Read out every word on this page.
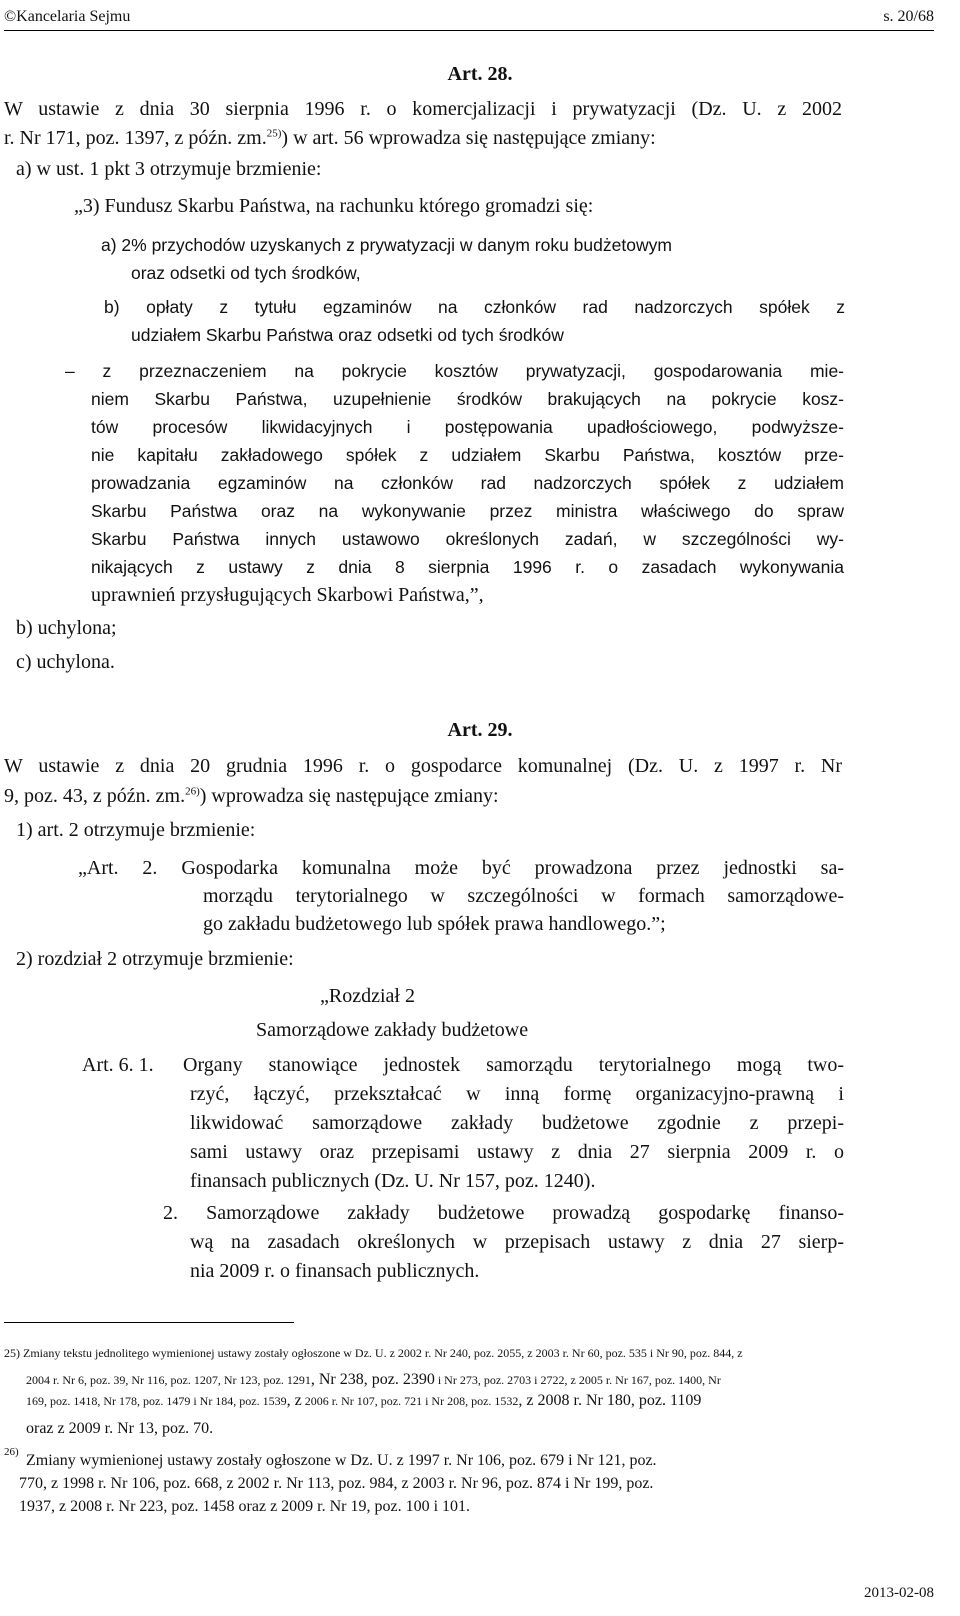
©Kancelaria Sejmu	s. 20/68
Art. 28.
W ustawie z dnia 30 sierpnia 1996 r. o komercjalizacji i prywatyzacji (Dz. U. z 2002
r. Nr 171, poz. 1397, z późn. zm.$^{25)}$) w art. 56 wprowadza się następujące zmiany:
a) w ust. 1 pkt 3 otrzymuje brzmienie:
„3) Fundusz Skarbu Państwa, na rachunku którego gromadzi się:
a) 2% przychodów uzyskanych z prywatyzacji w danym roku budżetowym
oraz odsetki od tych środków,
b) opłaty z tytułu egzaminów na członków rad nadzorczych spółek z
udziałem Skarbu Państwa oraz odsetki od tych środków
– z przeznaczeniem na pokrycie kosztów prywatyzacji, gospodarowania mie-
niem Skarbu Państwa, uzupełnienie środków brakujących na pokrycie kosz-
tów procesów likwidacyjnych i postępowania upadłościowego, podwyższe-
nie kapitału zakładowego spółek z udziałem Skarbu Państwa, kosztów prze-
prowadzania egzaminów na członków rad nadzorczych spółek z udziałem
Skarbu Państwa oraz na wykonywanie przez ministra właściwego do spraw
Skarbu Państwa innych ustawowo określonych zadań, w szczególności wy-
nikających z ustawy z dnia 8 sierpnia 1996 r. o zasadach wykonywania
uprawnień przysługujących Skarbowi Państwa,”,
b) uchylona;
c) uchylona.
Art. 29.
W ustawie z dnia 20 grudnia 1996 r. o gospodarce komunalnej (Dz. U. z 1997 r. Nr
9, poz. 43, z późn. zm.$^{26)}$) wprowadza się następujące zmiany:
1) art. 2 otrzymuje brzmienie:
„Art. 2. Gospodarka komunalna może być prowadzona przez jednostki sa-
morządu terytorialnego w szczególności w formach samorządowe-
go zakładu budżetowego lub spółek prawa handlowego.”;
2) rozdział 2 otrzymuje brzmienie:
„Rozdział 2
Samorządowe zakłady budżetowe
Art. 6. 1. Organy stanowiące jednostek samorządu terytorialnego mogą two-
rzyć, łączyć, przekształcać w inną formę organizacyjno-prawną i
likwidować samorządowe zakłady budżetowe zgodnie z przepi-
sami ustawy oraz przepisami ustawy z dnia 27 sierpnia 2009 r. o
finansach publicznych (Dz. U. Nr 157, poz. 1240).
2. Samorządowe zakłady budżetowe prowadzą gospodarkę finanso-
wą na zasadach określonych w przepisach ustawy z dnia 27 sierp-
nia 2009 r. o finansach publicznych.
25) Zmiany tekstu jednolitego wymienionej ustawy zostały ogłoszone w Dz. U. z 2002 r. Nr 240, poz. 2055, z 2003 r. Nr 60, poz. 535 i Nr 90, poz. 844, z
2004 r. Nr 6, poz. 39, Nr 116, poz. 1207, Nr 123, poz. 1291, Nr 238, poz. 2390 i Nr 273, poz. 2703 i 2722, z 2005 r. Nr 167, poz. 1400, Nr
169, poz. 1418, Nr 178, poz. 1479 i Nr 184, poz. 1539, z 2006 r. Nr 107, poz. 721 i Nr 208, poz. 1532, z 2008 r. Nr 180, poz. 1109
oraz z 2009 r. Nr 13, poz. 70.
26) Zmiany wymienionej ustawy zostały ogłoszone w Dz. U. z 1997 r. Nr 106, poz. 679 i Nr 121, poz.
770, z 1998 r. Nr 106, poz. 668, z 2002 r. Nr 113, poz. 984, z 2003 r. Nr 96, poz. 874 i Nr 199, poz.
1937, z 2008 r. Nr 223, poz. 1458 oraz z 2009 r. Nr 19, poz. 100 i 101.
2013-02-08
